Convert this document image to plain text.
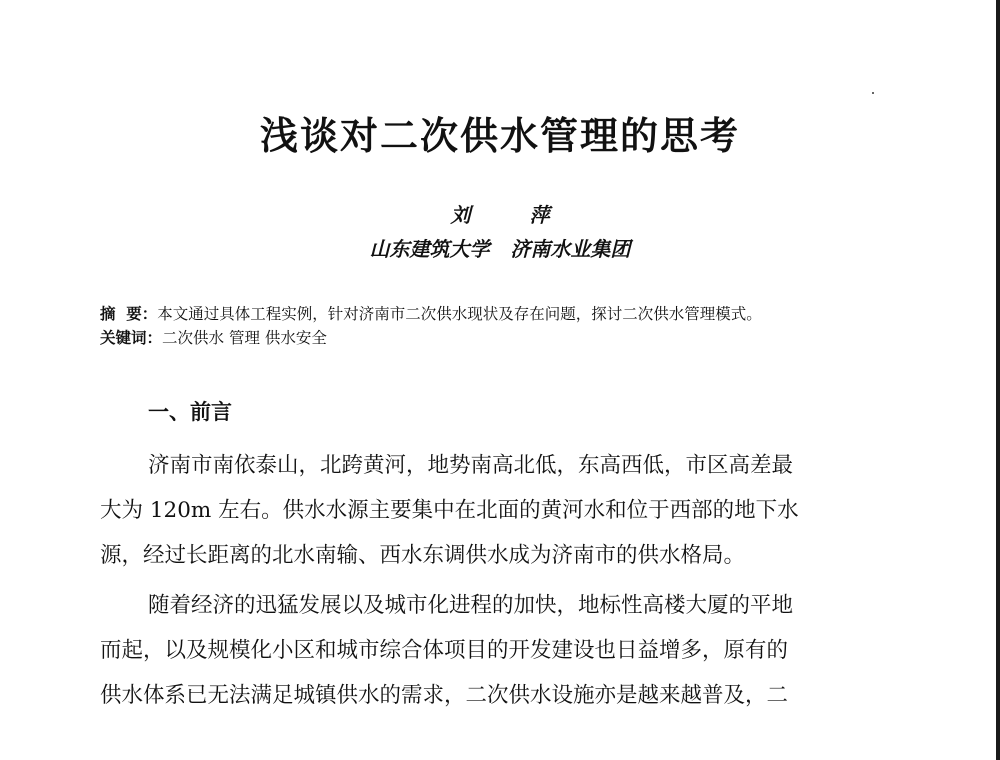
浅谈对二次供水管理的思考
刘 萍
山东建筑大学   济南水业集团
摘  要：本文通过具体工程实例，针对济南市二次供水现状及存在问题，探讨二次供水管理模式。
关键词：二次供水 管理 供水安全
一、前言
济南市南依泰山，北跨黄河，地势南高北低，东高西低，市区高差最
大为 120m 左右。供水水源主要集中在北面的黄河水和位于西部的地下水
源，经过长距离的北水南输、西水东调供水成为济南市的供水格局。
随着经济的迅猛发展以及城市化进程的加快，地标性高楼大厦的平地
而起，以及规模化小区和城市综合体项目的开发建设也日益增多，原有的
供水体系已无法满足城镇供水的需求，二次供水设施亦是越来越普及，二
